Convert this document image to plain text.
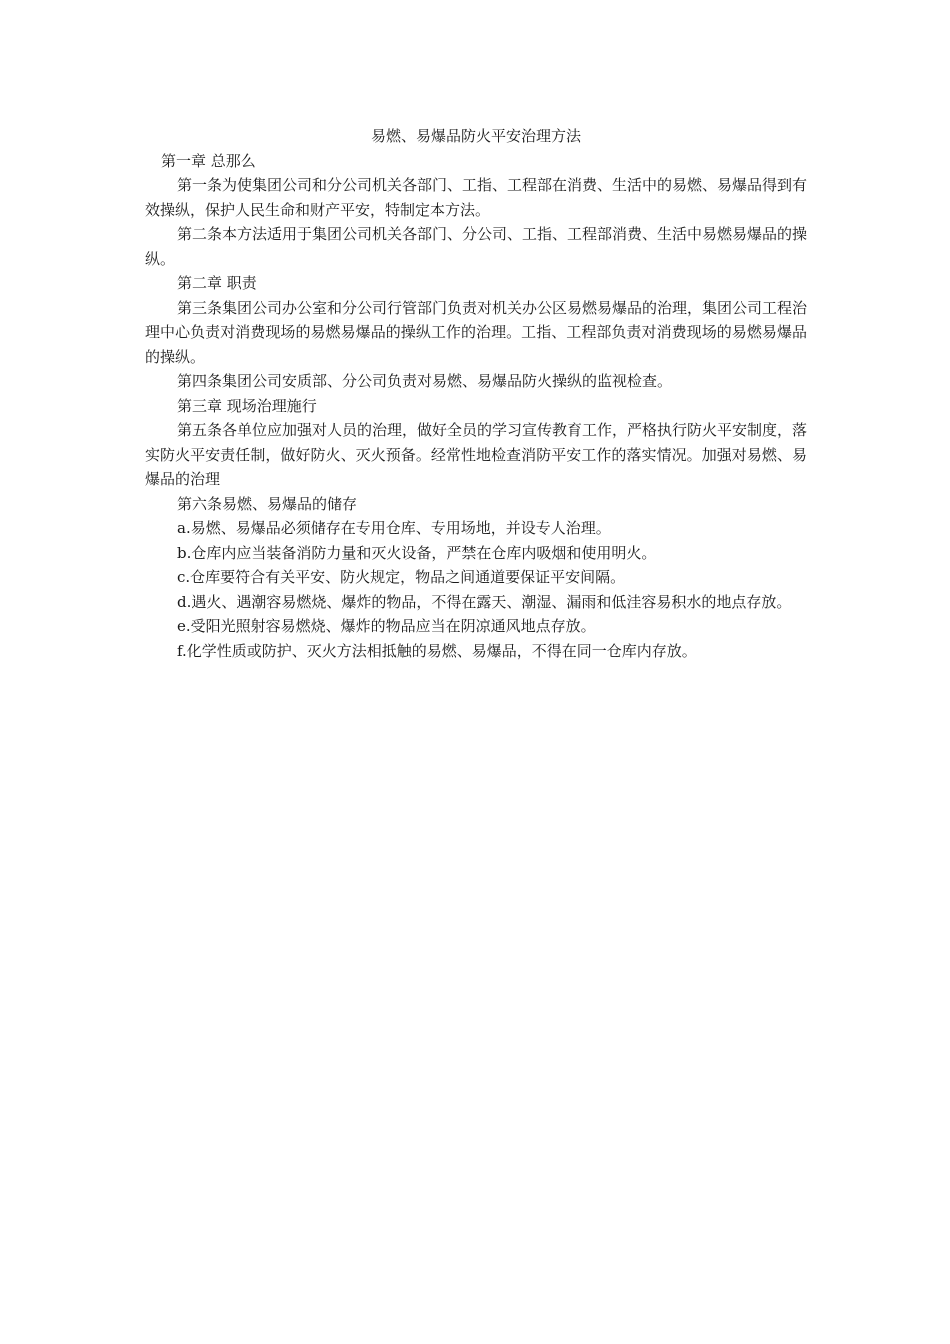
易燃、易爆品防火平安治理方法

第一章 总那么

第一条为使集团公司和分公司机关各部门、工指、工程部在消费、生活中的易燃、易爆品得到有效操纵，保护人民生命和财产平安，特制定本方法。

第二条本方法适用于集团公司机关各部门、分公司、工指、工程部消费、生活中易燃易爆品的操纵。

第二章 职责

第三条集团公司办公室和分公司行管部门负责对机关办公区易燃易爆品的治理，集团公司工程治理中心负责对消费现场的易燃易爆品的操纵工作的治理。工指、工程部负责对消费现场的易燃易爆品的操纵。

第四条集团公司安质部、分公司负责对易燃、易爆品防火操纵的监视检查。

第三章 现场治理施行

第五条各单位应加强对人员的治理，做好全员的学习宣传教育工作，严格执行防火平安制度，落实防火平安责任制，做好防火、灭火预备。经常性地检查消防平安工作的落实情况。加强对易燃、易爆品的治理

第六条易燃、易爆品的储存

a.易燃、易爆品必须储存在专用仓库、专用场地，并设专人治理。

b.仓库内应当装备消防力量和灭火设备，严禁在仓库内吸烟和使用明火。

c.仓库要符合有关平安、防火规定，物品之间通道要保证平安间隔。

d.遇火、遇潮容易燃烧、爆炸的物品，不得在露天、潮湿、漏雨和低洼容易积水的地点存放。

e.受阳光照射容易燃烧、爆炸的物品应当在阴凉通风地点存放。

f.化学性质或防护、灭火方法相抵触的易燃、易爆品，不得在同一仓库内存放。
